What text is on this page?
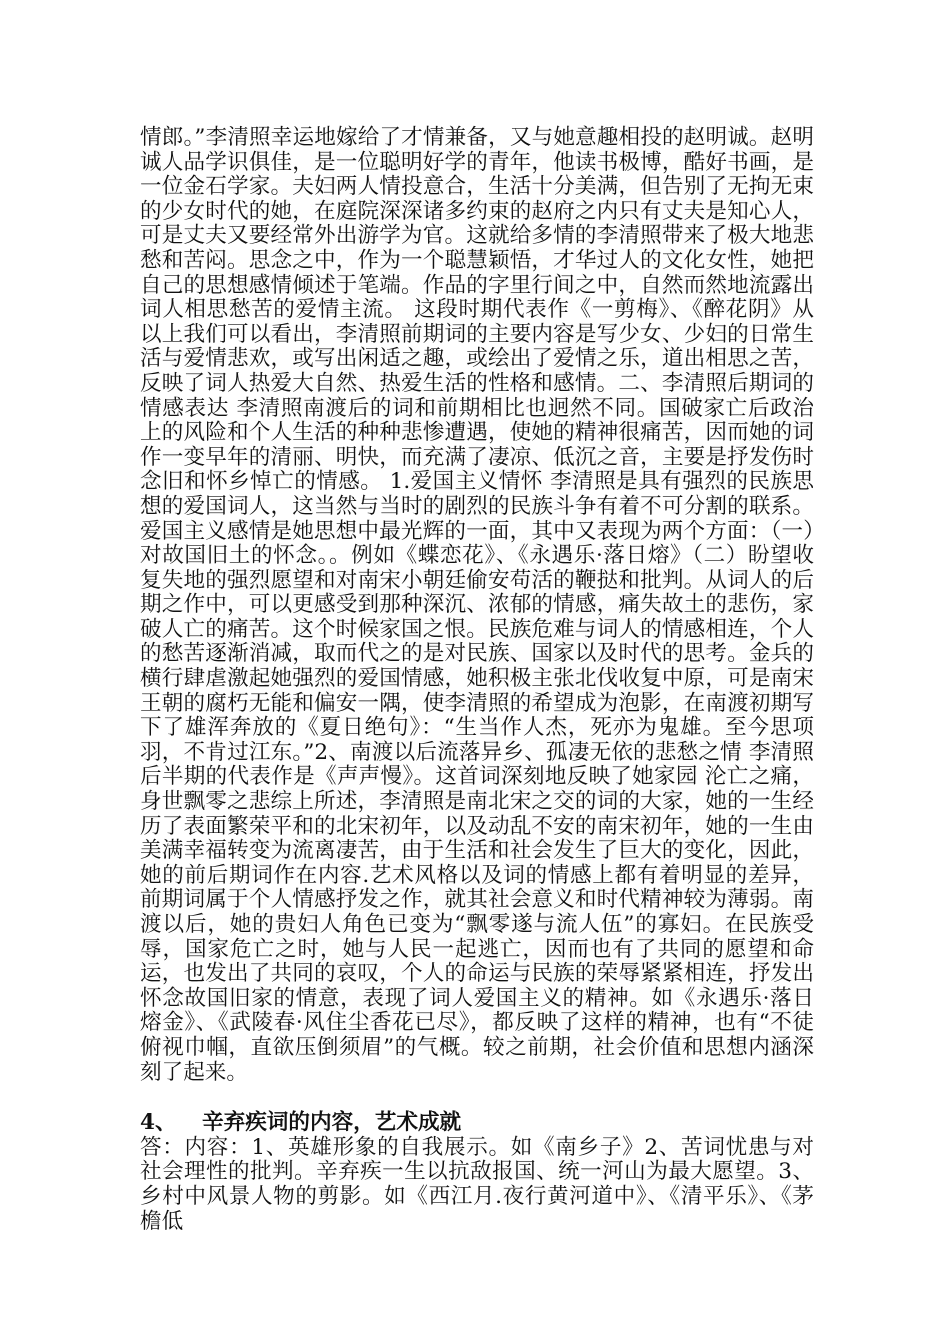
情郎。”李清照幸运地嫁给了才情兼备，又与她意趣相投的赵明诚。赵明诚人品学识俱佳，是一位聪明好学的青年，他读书极博，酷好书画，是一位金石学家。夫妇两人情投意合，生活十分美满，但告别了无拘无束的少女时代的她，在庭院深深诸多约束的赵府之内只有丈夫是知心人，可是丈夫又要经常外出游学为官。这就给多情的李清照带来了极大地悲愁和苦闷。思念之中，作为一个聪慧颖悟，才华过人的文化女性，她把自己的思想感情倾述于笔端。作品的字里行间之中，自然而然地流露出词人相思愁苦的爱情主流。 这段时期代表作《一剪梅》、《醉花阴》从以上我们可以看出，李清照前期词的主要内容是写少女、少妇的日常生活与爱情悲欢，或写出闲适之趣，或绘出了爱情之乐，道出相思之苦，反映了词人热爱大自然、热爱生活的性格和感情。二、李清照后期词的情感表达 李清照南渡后的词和前期相比也迥然不同。国破家亡后政治上的风险和个人生活的种种悲惨遭遇，使她的精神很痛苦，因而她的词作一变早年的清丽、明快，而充满了凄凉、低沉之音，主要是抒发伤时念旧和怀乡悼亡的情感。 1.爱国主义情怀 李清照是具有强烈的民族思想的爱国词人，这当然与当时的剧烈的民族斗争有着不可分割的联系。爱国主义感情是她思想中最光辉的一面，其中又表现为两个方面：（一）对故国旧土的怀念。。例如《蝶恋花》、《永遇乐·落日熔》（二）盼望收复失地的强烈愿望和对南宋小朝廷偷安苟活的鞭挞和批判。从词人的后期之作中，可以更感受到那种深沉、浓郁的情感，痛失故土的悲伤，家破人亡的痛苦。这个时候家国之恨。民族危难与词人的情感相连，个人的愁苦逐渐消减，取而代之的是对民族、国家以及时代的思考。金兵的横行肆虐激起她强烈的爱国情感，她积极主张北伐收复中原，可是南宋王朝的腐朽无能和偏安一隅，使李清照的希望成为泡影，在南渡初期写下了雄浑奔放的《夏日绝句》：“生当作人杰，死亦为鬼雄。至今思项羽，不肯过江东。”2、南渡以后流落异乡、孤凄无依的悲愁之情 李清照后半期的代表作是《声声慢》。这首词深刻地反映了她家园 沦亡之痛，身世飘零之悲综上所述，李清照是南北宋之交的词的大家，她的一生经历了表面繁荣平和的北宋初年，以及动乱不安的南宋初年，她的一生由美满幸福转变为流离凄苦，由于生活和社会发生了巨大的变化，因此，她的前后期词作在内容.艺术风格以及词的情感上都有着明显的差异，前期词属于个人情感抒发之作，就其社会意义和时代精神较为薄弱。南渡以后，她的贵妇人角色已变为“飘零遂与流人伍”的寡妇。在民族受辱，国家危亡之时，她与人民一起逃亡，因而也有了共同的愿望和命运，也发出了共同的哀叹，个人的命运与民族的荣辱紧紧相连，抒发出怀念故国旧家的情意，表现了词人爱国主义的精神。如《永遇乐·落日熔金》、《武陵春·风住尘香花已尽》，都反映了这样的精神，也有“不徒俯视巾帼，直欲压倒须眉”的气概。较之前期，社会价值和思想内涵深刻了起来。

4、 辛弃疾词的内容，艺术成就

答：内容：1、英雄形象的自我展示。如《南乡子》2、苦词忧患与对社会理性的批判。辛弃疾一生以抗敌报国、统一河山为最大愿望。3、乡村中风景人物的剪影。如《西江月.夜行黄河道中》、《清平乐》、《茅檐低
